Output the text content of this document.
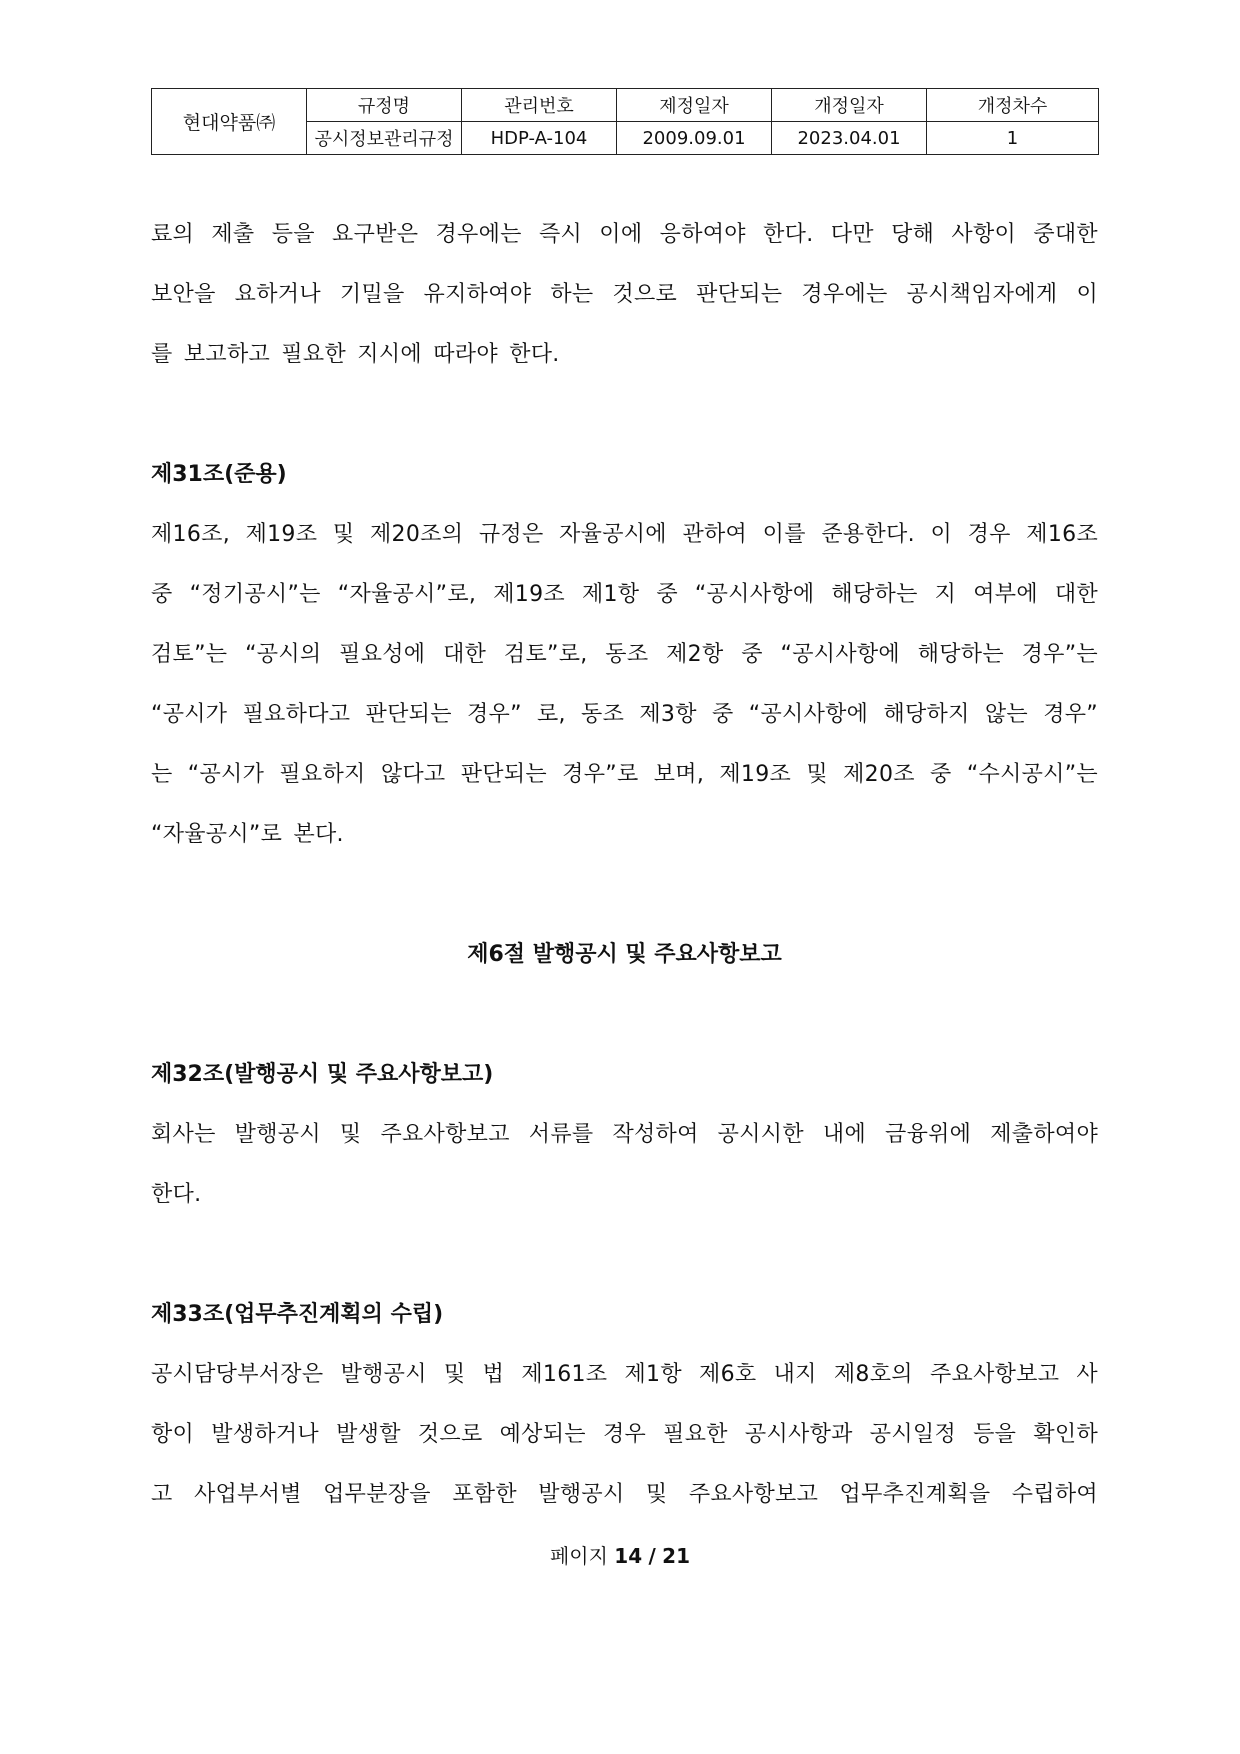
현대약품㈜	규정명	관리번호	제정일자	개정일자	개정차수
	공시정보관리규정	HDP-A-104	2009.09.01	2023.04.01	1
료의 제출 등을 요구받은 경우에는 즉시 이에 응하여야 한다. 다만 당해 사항이 중대한
보안을 요하거나 기밀을 유지하여야 하는 것으로 판단되는 경우에는 공시책임자에게 이
를 보고하고 필요한 지시에 따라야 한다.

제31조(준용)

제16조, 제19조 및 제20조의 규정은 자율공시에 관하여 이를 준용한다. 이 경우 제16조
중 “정기공시”는 “자율공시”로, 제19조 제1항 중 “공시사항에 해당하는 지 여부에 대한
검토”는 “공시의 필요성에 대한 검토”로, 동조 제2항 중 “공시사항에 해당하는 경우”는
“공시가 필요하다고 판단되는 경우” 로, 동조 제3항 중 “공시사항에 해당하지 않는 경우”
는 “공시가 필요하지 않다고 판단되는 경우”로 보며, 제19조 및 제20조 중 “수시공시”는
“자율공시”로 본다.

제6절 발행공시 및 주요사항보고

제32조(발행공시 및 주요사항보고)

회사는 발행공시 및 주요사항보고 서류를 작성하여 공시시한 내에 금융위에 제출하여야
한다.

제33조(업무추진계획의 수립)

공시담당부서장은 발행공시 및 법 제161조 제1항 제6호 내지 제8호의 주요사항보고 사
항이 발생하거나 발생할 것으로 예상되는 경우 필요한 공시사항과 공시일정 등을 확인하
고 사업부서별 업무분장을 포함한 발행공시 및 주요사항보고 업무추진계획을 수립하여
페이지 14 / 21
